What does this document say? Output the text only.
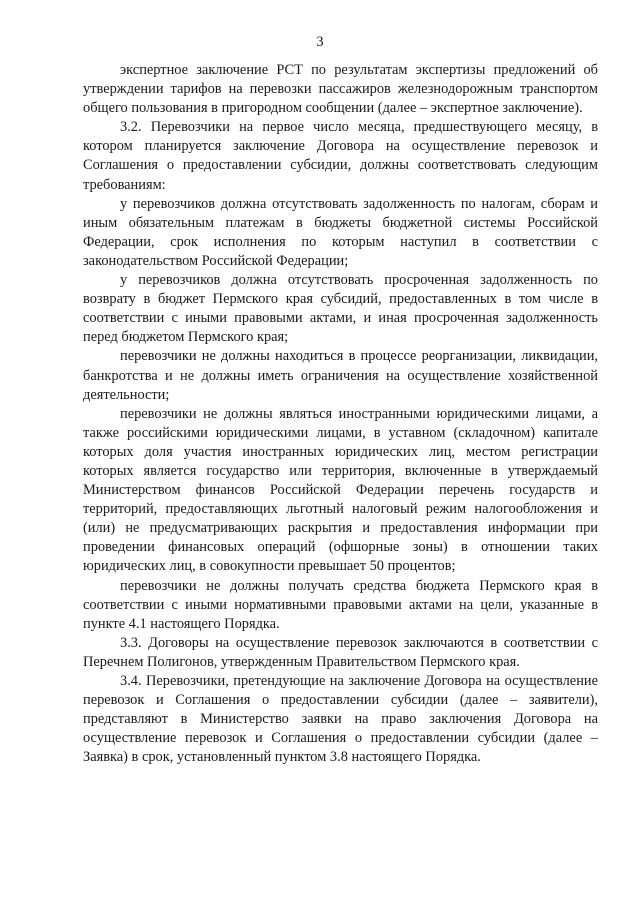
3

экспертное заключение РСТ по результатам экспертизы предложений об утверждении тарифов на перевозки пассажиров железнодорожным транспортом общего пользования в пригородном сообщении (далее – экспертное заключение).

3.2. Перевозчики на первое число месяца, предшествующего месяцу, в котором планируется заключение Договора на осуществление перевозок и Соглашения о предоставлении субсидии, должны соответствовать следующим требованиям:

у перевозчиков должна отсутствовать задолженность по налогам, сборам и иным обязательным платежам в бюджеты бюджетной системы Российской Федерации, срок исполнения по которым наступил в соответствии с законодательством Российской Федерации;

у перевозчиков должна отсутствовать просроченная задолженность по возврату в бюджет Пермского края субсидий, предоставленных в том числе в соответствии с иными правовыми актами, и иная просроченная задолженность перед бюджетом Пермского края;

перевозчики не должны находиться в процессе реорганизации, ликвидации, банкротства и не должны иметь ограничения на осуществление хозяйственной деятельности;

перевозчики не должны являться иностранными юридическими лицами, а также российскими юридическими лицами, в уставном (складочном) капитале которых доля участия иностранных юридических лиц, местом регистрации которых является государство или территория, включенные в утверждаемый Министерством финансов Российской Федерации перечень государств и территорий, предоставляющих льготный налоговый режим налогообложения и (или) не предусматривающих раскрытия и предоставления информации при проведении финансовых операций (офшорные зоны) в отношении таких юридических лиц, в совокупности превышает 50 процентов;

перевозчики не должны получать средства бюджета Пермского края в соответствии с иными нормативными правовыми актами на цели, указанные в пункте 4.1 настоящего Порядка.

3.3. Договоры на осуществление перевозок заключаются в соответствии с Перечнем Полигонов, утвержденным Правительством Пермского края.

3.4. Перевозчики, претендующие на заключение Договора на осуществление перевозок и Соглашения о предоставлении субсидии (далее – заявители), представляют в Министерство заявки на право заключения Договора на осуществление перевозок и Соглашения о предоставлении субсидии (далее – Заявка) в срок, установленный пунктом 3.8 настоящего Порядка.
